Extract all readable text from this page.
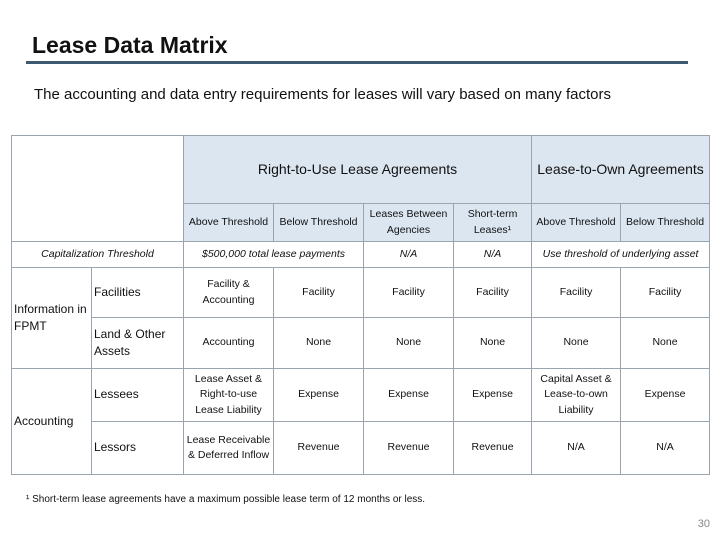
Lease Data Matrix
The accounting and data entry requirements for leases will vary based on many factors
		Right-to-Use Lease Agreements				Lease-to-Own Agreements	
		Above Threshold	Below Threshold	Leases Between Agencies	Short-term Leases¹	Above Threshold	Below Threshold
Capitalization Threshold		$500,000 total lease payments		N/A	N/A	Use threshold of underlying asset	
Information in FPMT	Facilities	Facility & Accounting	Facility	Facility	Facility	Facility	Facility
	Land & Other Assets	Accounting	None	None	None	None	None
Accounting	Lessees	Lease Asset & Right-to-use Lease Liability	Expense	Expense	Expense	Capital Asset & Lease-to-own Liability	Expense
	Lessors	Lease Receivable & Deferred Inflow	Revenue	Revenue	Revenue	N/A	N/A
¹ Short-term lease agreements have a maximum possible lease term of 12 months or less.
30
